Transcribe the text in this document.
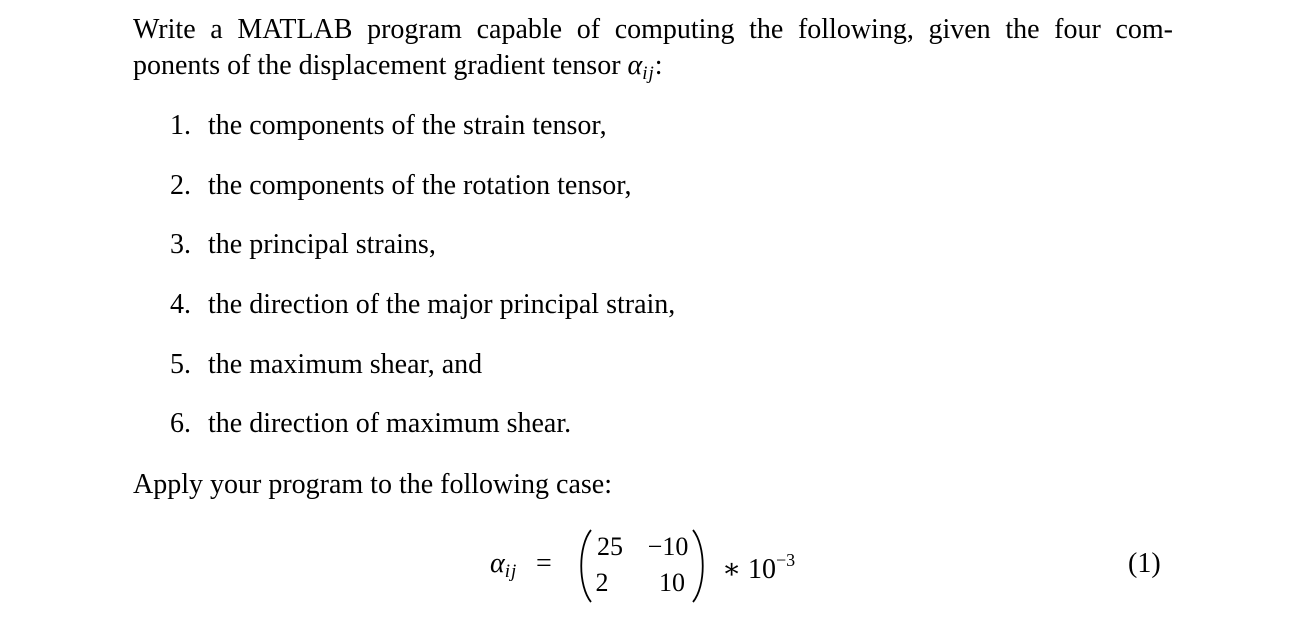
Write a MATLAB program capable of computing the following, given the four com- ponents of the displacement gradient tensor $\alpha_{ij}$:
1. the components of the strain tensor,
2. the components of the rotation tensor,
3. the principal strains,
4. the direction of the major principal strain,
5. the maximum shear, and
6. the direction of maximum shear.
Apply your program to the following case:
$\alpha_{ij}$ =
25 −10
2 10 ∗ $10^{-3}$	(1)
